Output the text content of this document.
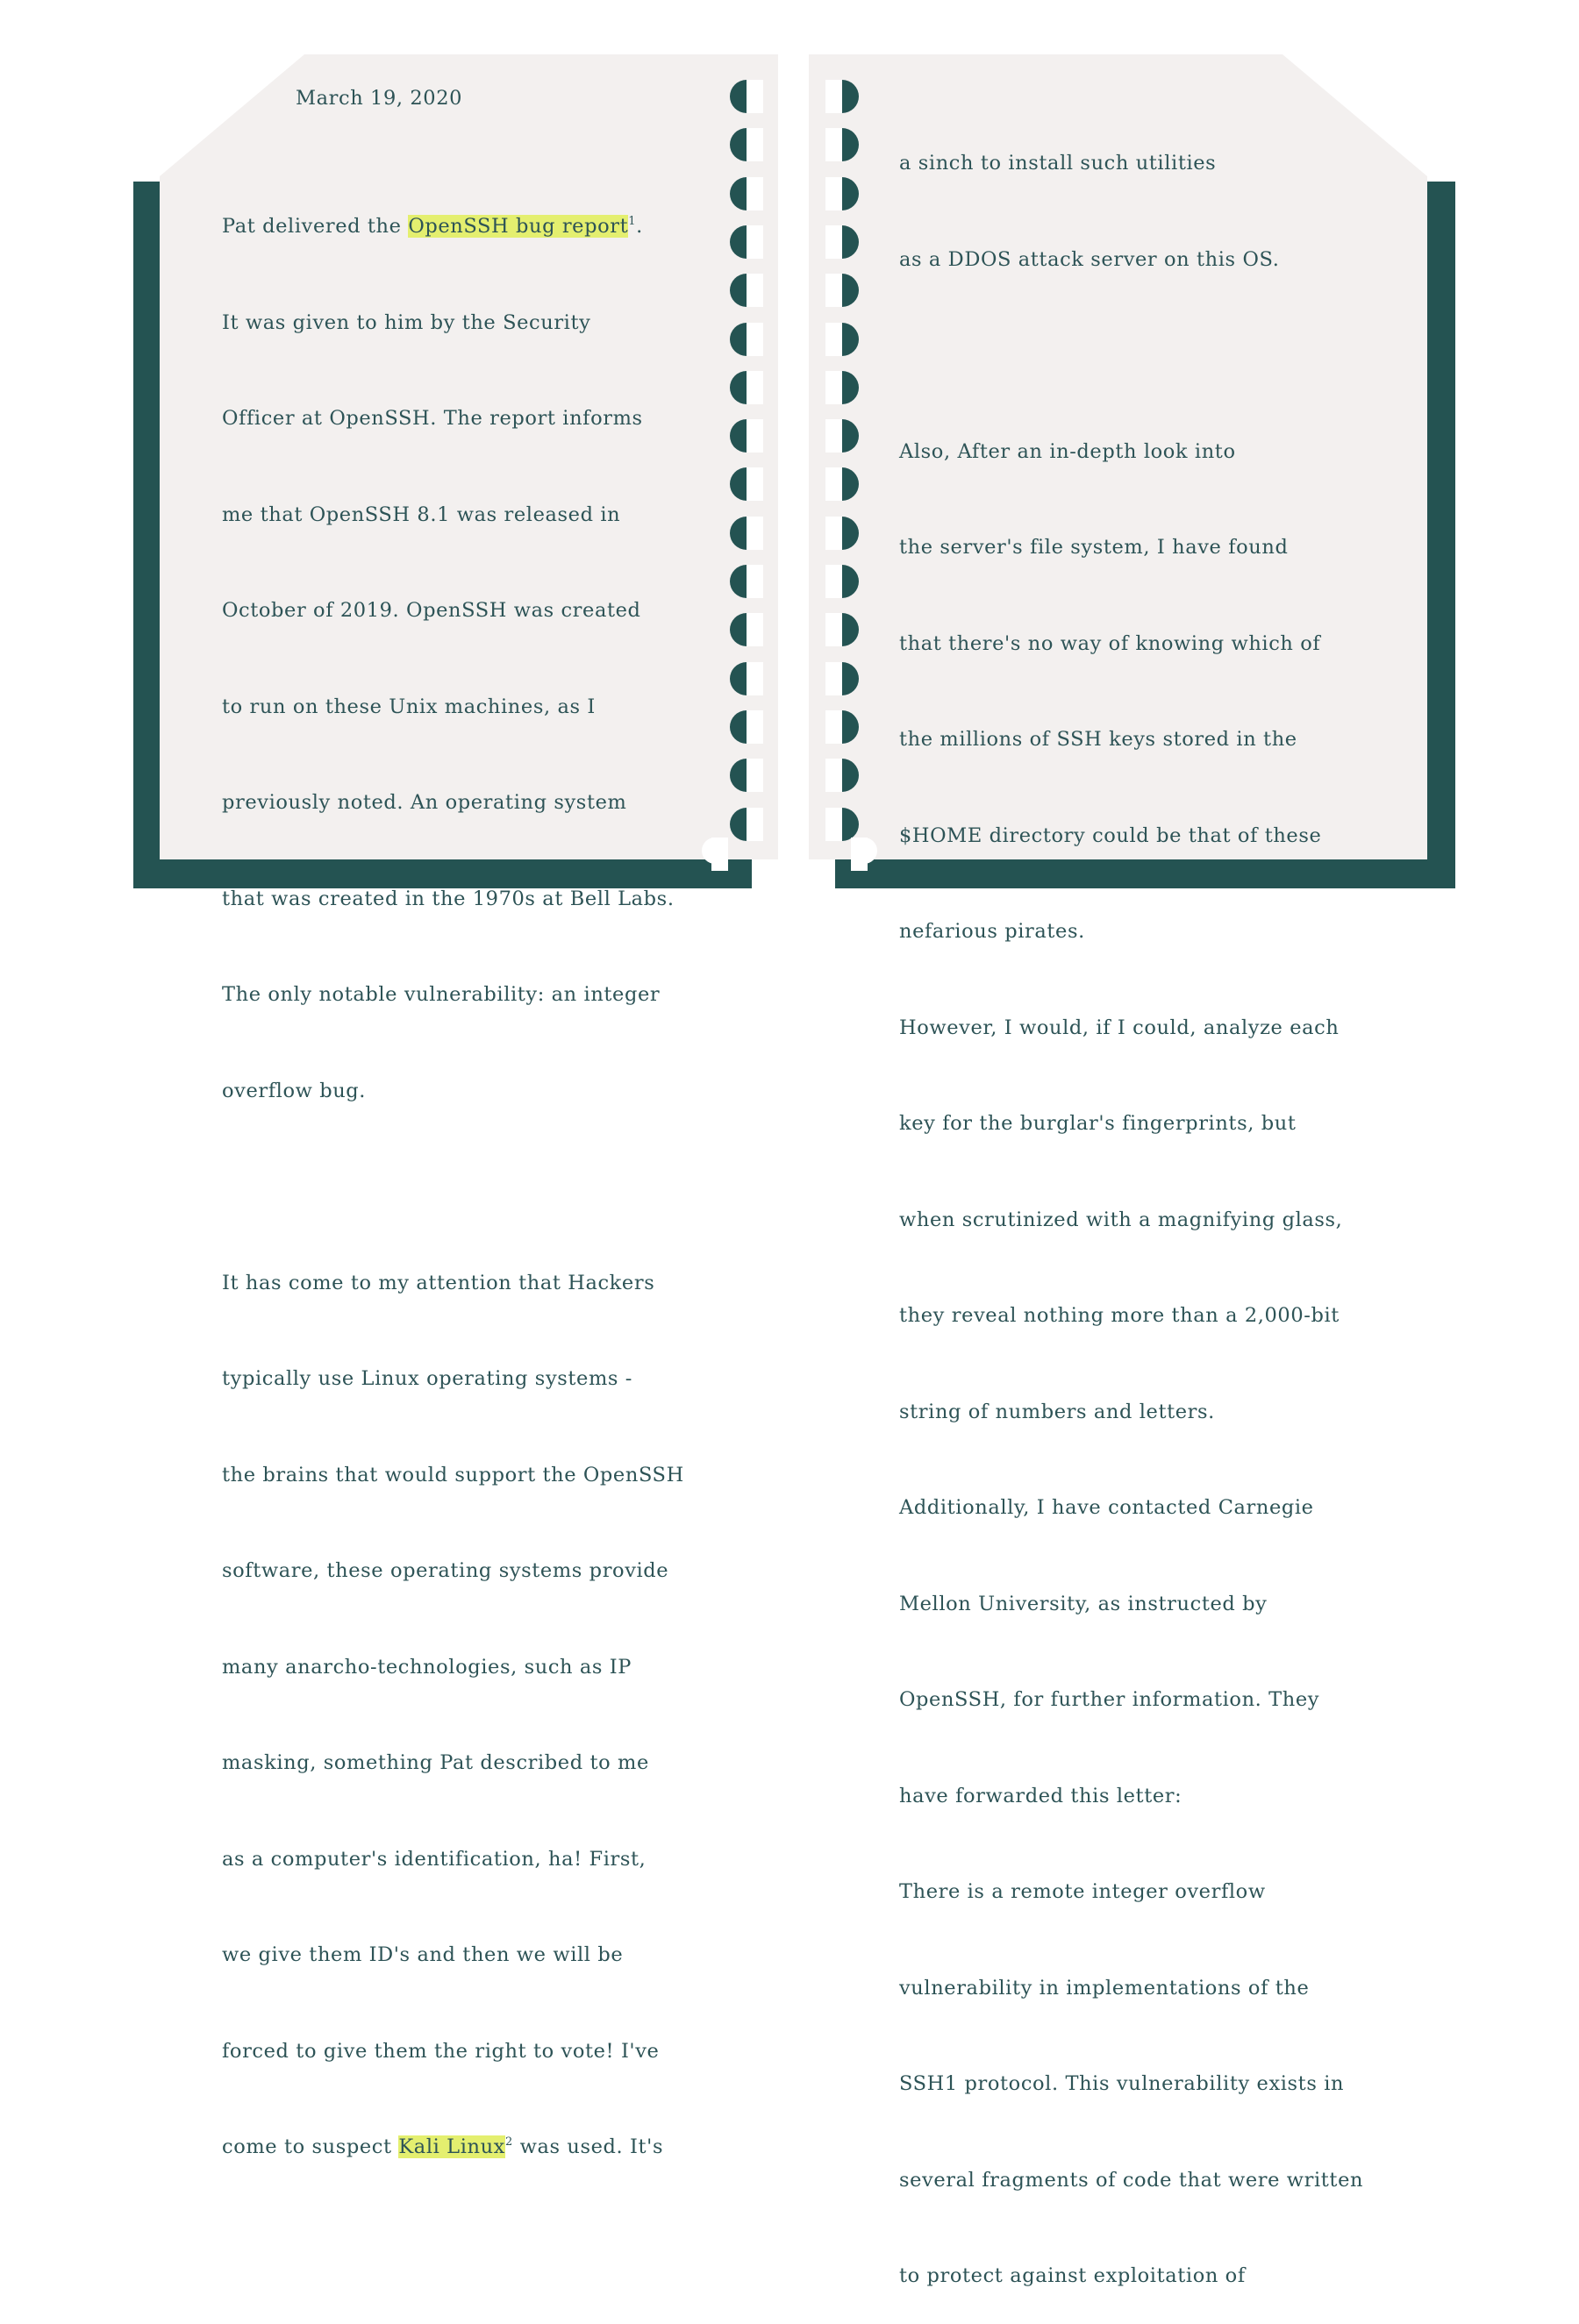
March 19, 2020

Pat delivered the OpenSSH bug report$^1$.

It was given to him by the Security

Officer at OpenSSH. The report informs

me that OpenSSH 8.1 was released in

October of 2019. OpenSSH was created

to run on these Unix machines, as I

previously noted. An operating system

that was created in the 1970s at Bell Labs.

The only notable vulnerability: an integer

overflow bug.

It has come to my attention that Hackers

typically use Linux operating systems -

the brains that would support the OpenSSH

software, these operating systems provide

many anarcho-technologies, such as IP

masking, something Pat described to me

as a computer's identification, ha! First,

we give them ID's and then we will be

forced to give them the right to vote! I've

come to suspect Kali Linux$^2$ was used. It's

a sinch to install such utilities

as a DDOS attack server on this OS.

Also, After an in-depth look into

the server's file system, I have found

that there's no way of knowing which of

the millions of SSH keys stored in the

$HOME directory could be that of these

nefarious pirates.

However, I would, if I could, analyze each

key for the burglar's fingerprints, but

when scrutinized with a magnifying glass,

they reveal nothing more than a 2,000-bit

string of numbers and letters.

Additionally, I have contacted Carnegie

Mellon University, as instructed by

OpenSSH, for further information. They

have forwarded this letter:

There is a remote integer overflow

vulnerability in implementations of the

SSH1 protocol. This vulnerability exists in

several fragments of code that were written

to protect against exploitation of
